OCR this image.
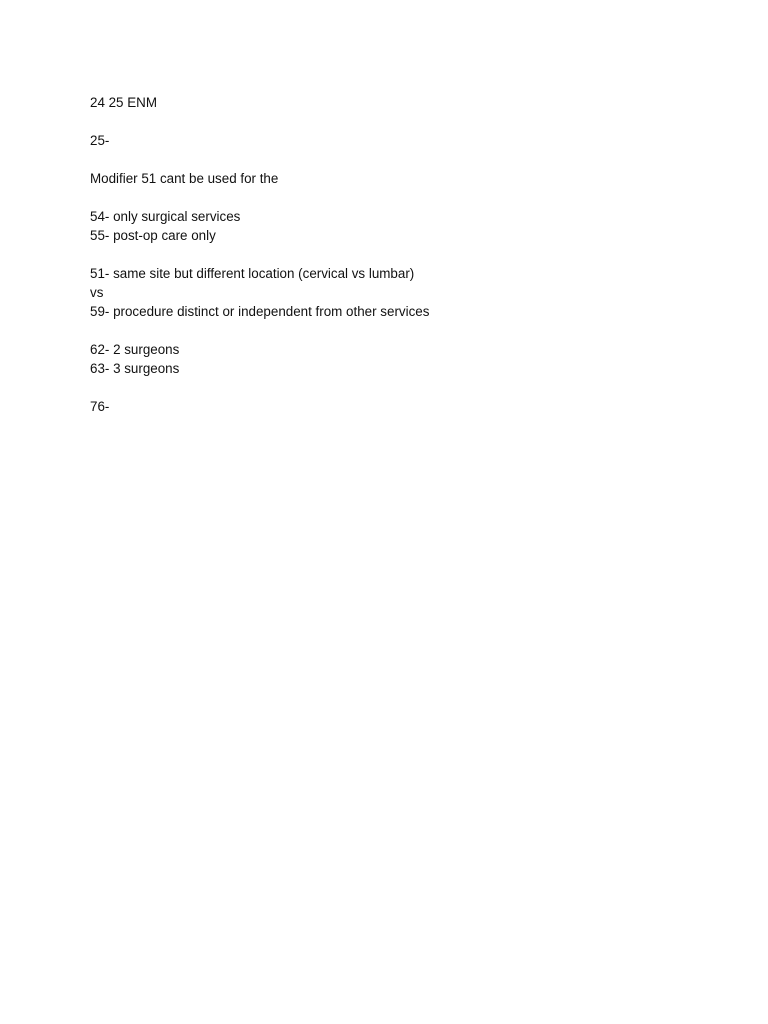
24 25 ENM
25-
Modifier 51 cant be used for the
54- only surgical services
55- post-op care only
51- same site but different location (cervical vs lumbar)
vs
59- procedure distinct or independent from other services
62- 2 surgeons
63- 3 surgeons
76-
